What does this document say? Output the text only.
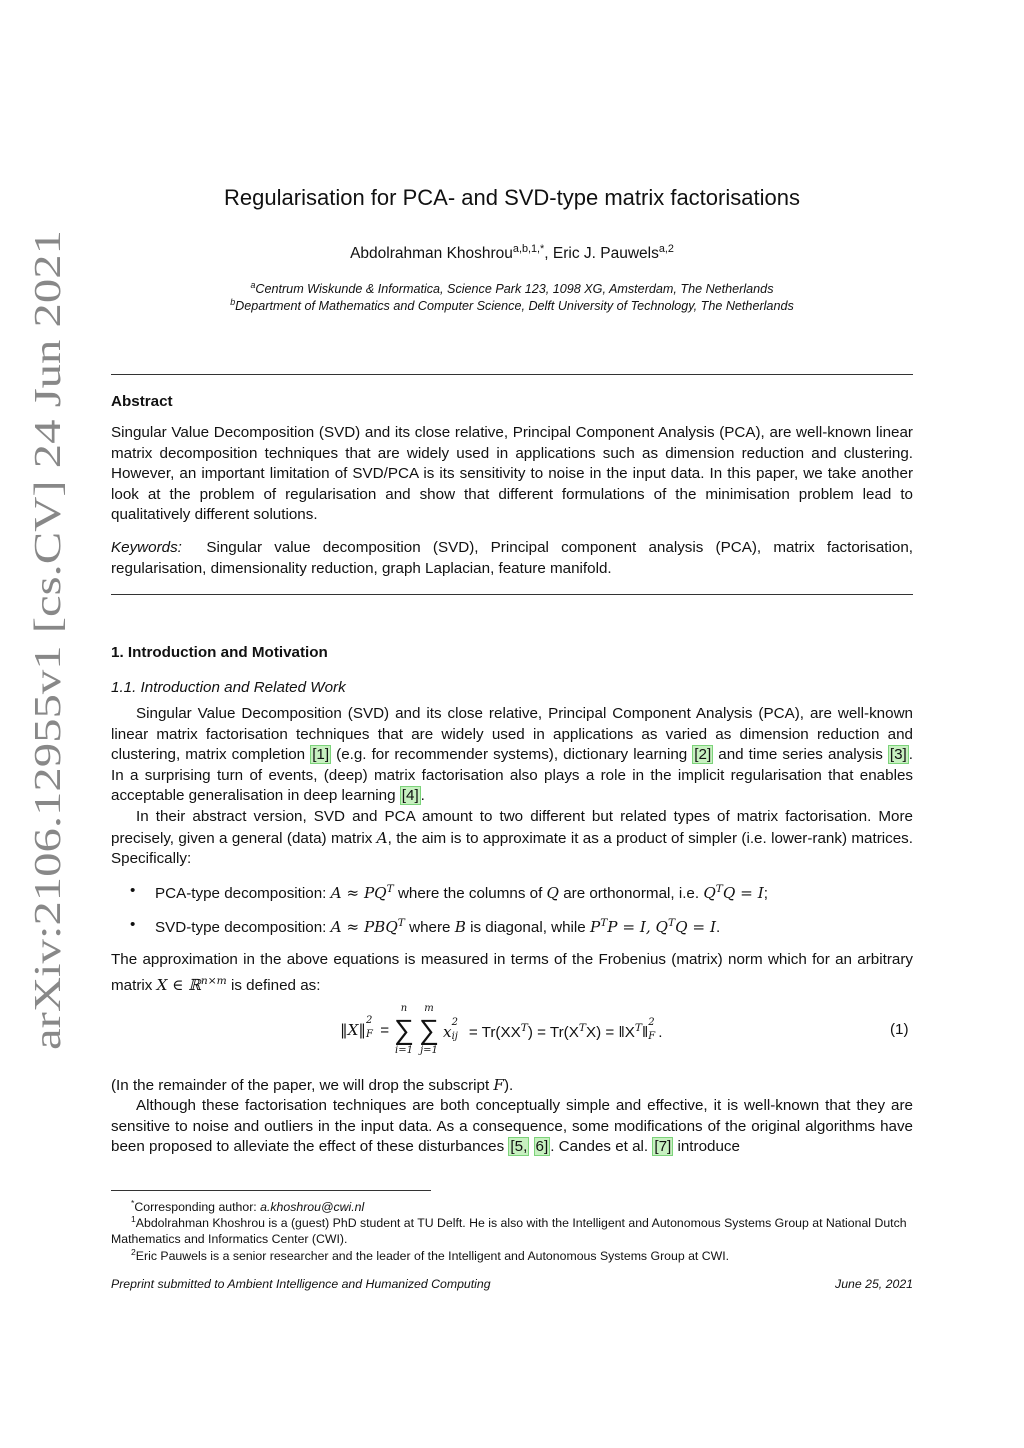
arXiv:2106.12955v1 [cs.CV] 24 Jun 2021
Regularisation for PCA- and SVD-type matrix factorisations
Abdolrahman Khoshrou$^{a,b,1,*}$, Eric J. Pauwels$^{a,2}$
$^a$Centrum Wiskunde & Informatica, Science Park 123, 1098 XG, Amsterdam, The Netherlands
$^b$Department of Mathematics and Computer Science, Delft University of Technology, The Netherlands
Abstract
Singular Value Decomposition (SVD) and its close relative, Principal Component Analysis (PCA), are well-known linear matrix decomposition techniques that are widely used in applications such as dimension reduction and clustering. However, an important limitation of SVD/PCA is its sensitivity to noise in the input data. In this paper, we take another look at the problem of regularisation and show that different formulations of the minimisation problem lead to qualitatively different solutions.
Keywords: Singular value decomposition (SVD), Principal component analysis (PCA), matrix factorisation, regularisation, dimensionality reduction, graph Laplacian, feature manifold.
1. Introduction and Motivation
1.1. Introduction and Related Work
Singular Value Decomposition (SVD) and its close relative, Principal Component Analysis (PCA), are well-known linear matrix factorisation techniques that are widely used in applications as varied as dimension reduction and clustering, matrix completion [1] (e.g. for recommender systems), dictionary learning [2] and time series analysis [3] . In a surprising turn of events, (deep) matrix factorisation also plays a role in the implicit regularisation that enables acceptable generalisation in deep learning [4] .
In their abstract version, SVD and PCA amount to two different but related types of matrix factorisation. More precisely, given a general (data) matrix A, the aim is to approximate it as a product of simpler (i.e. lower-rank) matrices. Specifically:
• PCA-type decomposition: $A \approx PQ^T$ where the columns of Q are orthonormal, i.e. $Q^TQ = I$;
• SVD-type decomposition: $A \approx PBQ^T$ where B is diagonal, while $P^TP = I$, $Q^TQ = I$.
The approximation in the above equations is measured in terms of the Frobenius (matrix) norm which for an arbitrary matrix X ∈ ℝ$^{n\times m}$ is defined as:
‖X‖
2
F =
n
∑
i=1
m
∑
j=1
x
2
ij = $Tr(XX^T) = Tr(X^TX)$ = $‖X^T‖$
2
F .	(1)
(In the remainder of the paper, we will drop the subscript F).
Although these factorisation techniques are both conceptually simple and effective, it is well-known that they are sensitive to noise and outliers in the input data. As a consequence, some modifications of the original algorithms have been proposed to alleviate the effect of these disturbances [5, 6] . Candes et al. [7] introduce
*Corresponding author: a.khoshrou@cwi.nl
$^1$Abdolrahman Khoshrou is a (guest) PhD student at TU Delft. He is also with the Intelligent and Autonomous Systems Group at National Dutch Mathematics and Informatics Center (CWI).
$^2$Eric Pauwels is a senior researcher and the leader of the Intelligent and Autonomous Systems Group at CWI.
Preprint submitted to Ambient Intelligence and Humanized Computing	June 25, 2021
